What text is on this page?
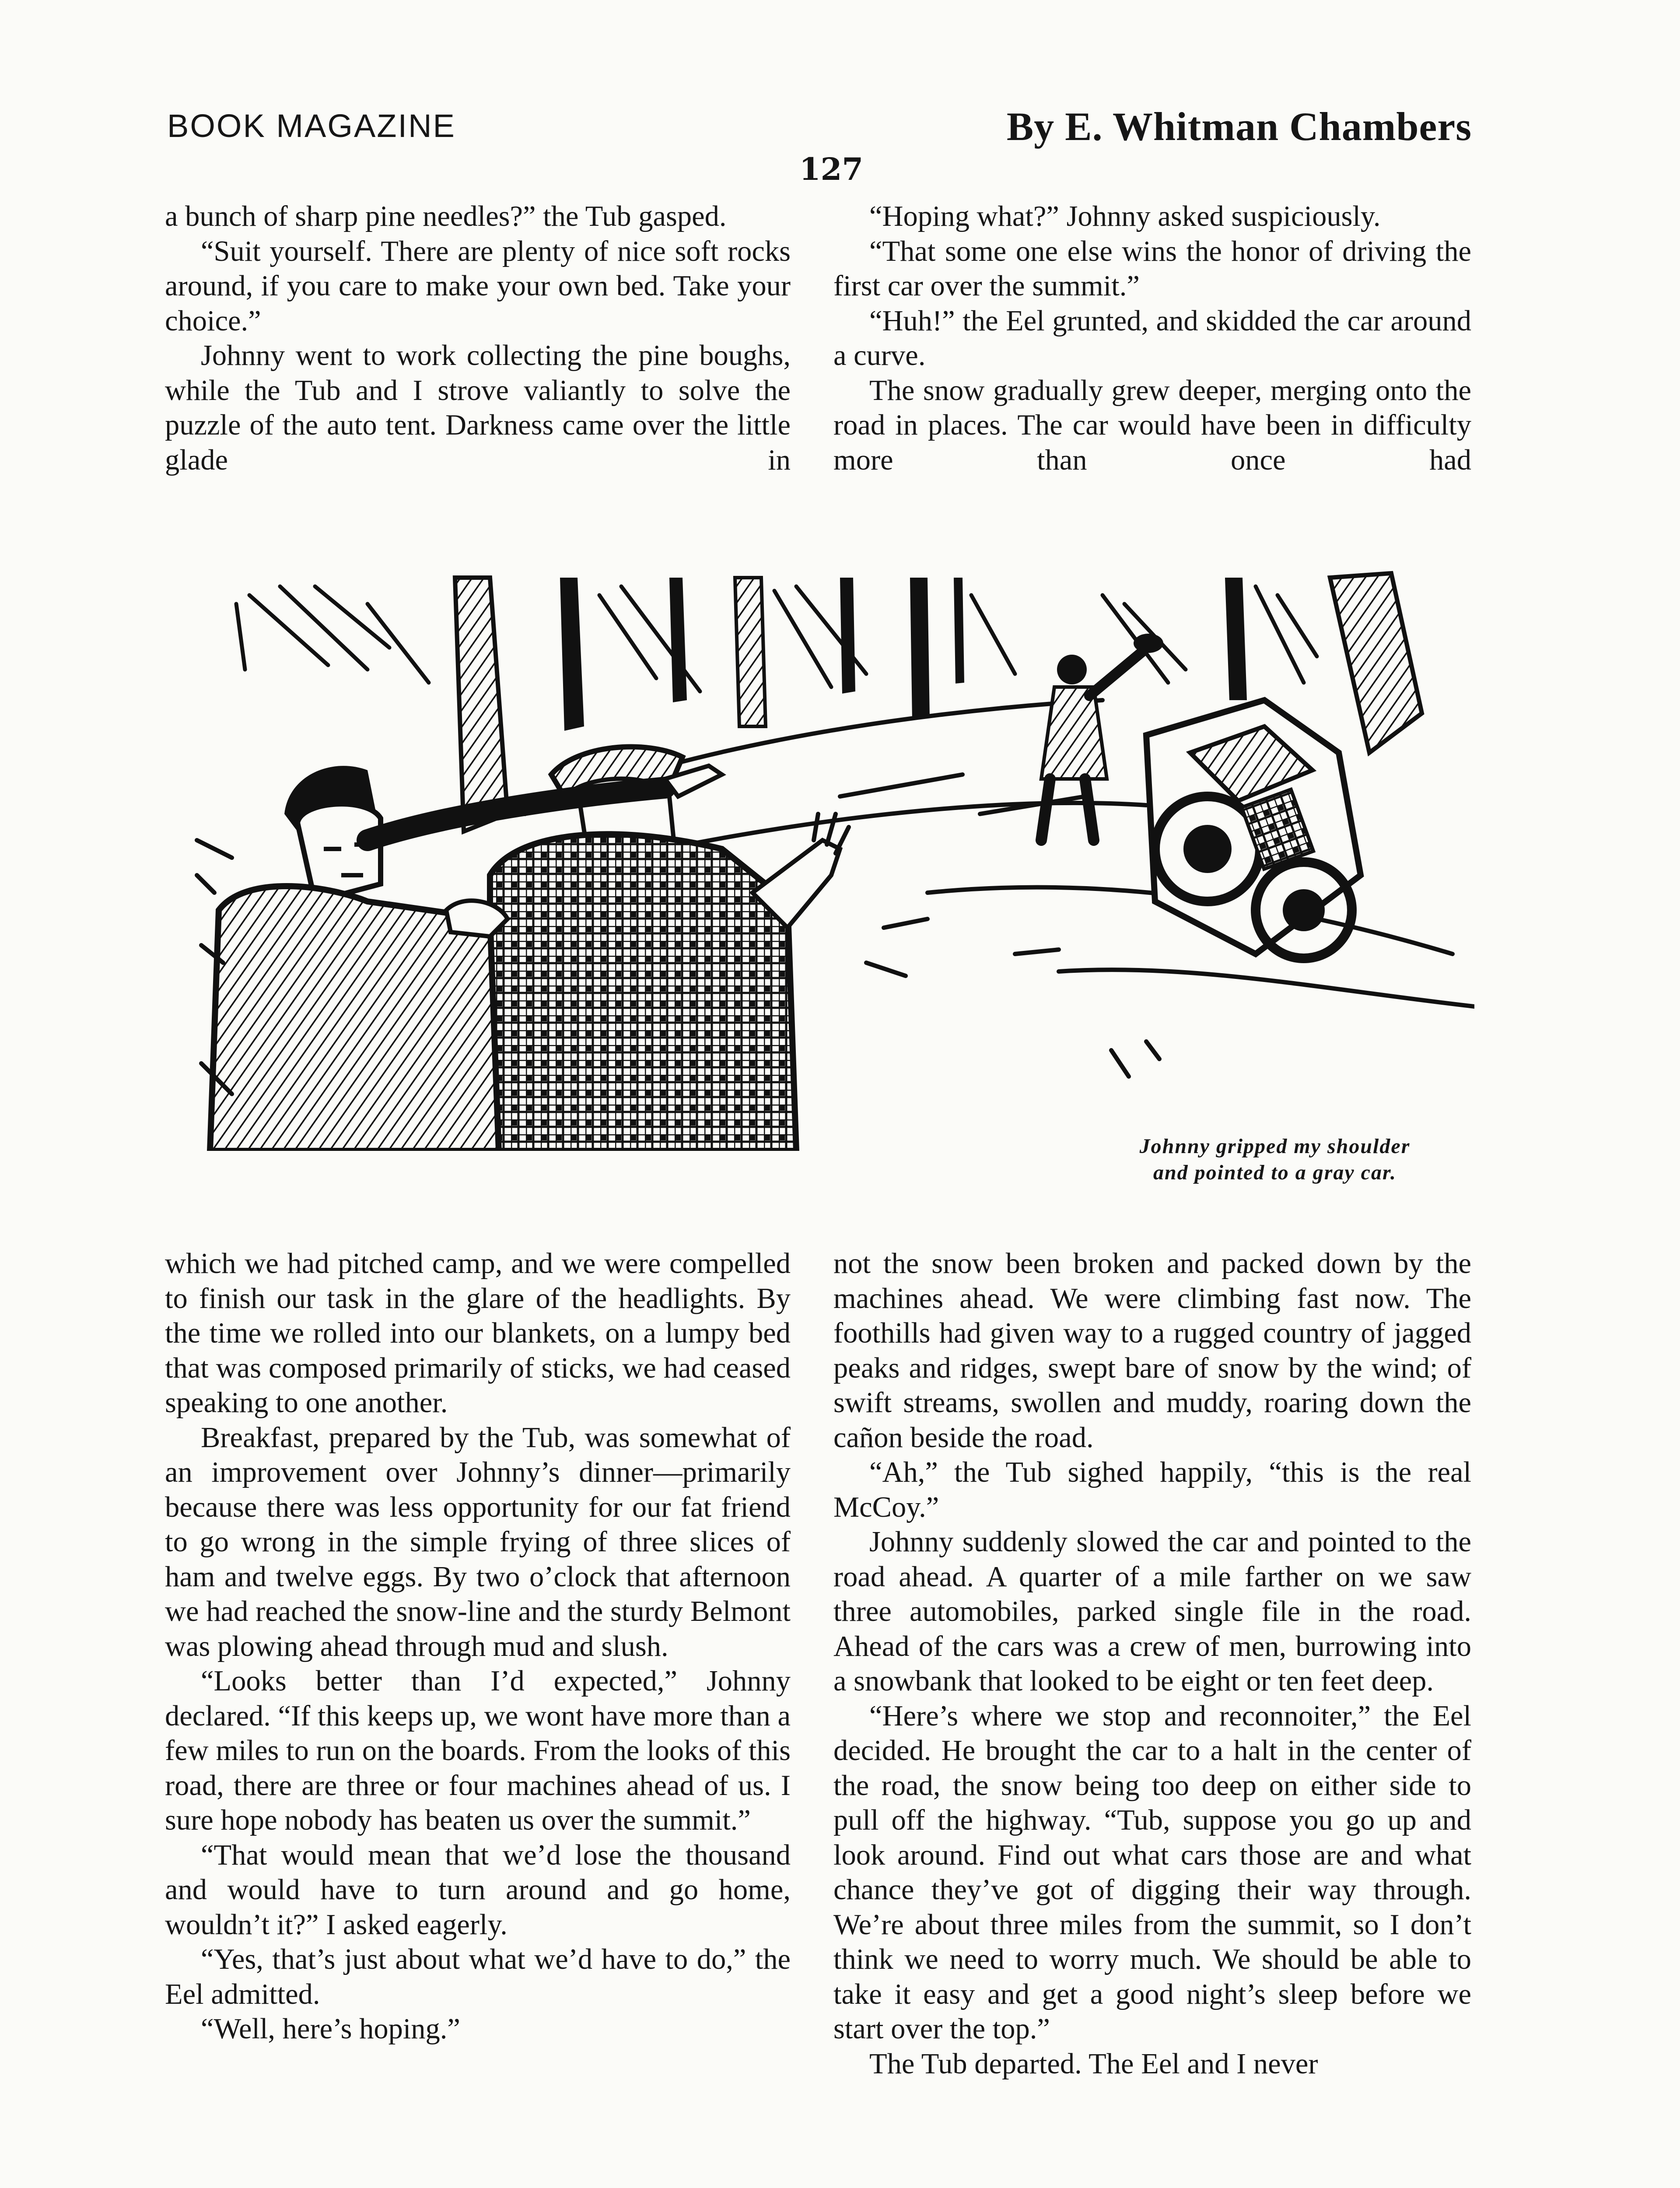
BOOK MAGAZINE	By E. Whitman Chambers
127

a bunch of sharp pine needles?” the Tub gasped.

“Suit yourself. There are plenty of nice soft rocks around, if you care to make your own bed. Take your choice.”

Johnny went to work collecting the pine boughs, while the Tub and I strove valiantly to solve the puzzle of the auto tent. Darkness came over the little glade in

“Hoping what?” Johnny asked suspiciously.

“That some one else wins the honor of driving the first car over the summit.”

“Huh!” the Eel grunted, and skidded the car around a curve.

The snow gradually grew deeper, merging onto the road in places. The car would have been in difficulty more than once had

Johnny gripped my shoulder
and pointed to a gray car.

which we had pitched camp, and we were compelled to finish our task in the glare of the headlights. By the time we rolled into our blankets, on a lumpy bed that was composed primarily of sticks, we had ceased speaking to one another.

Breakfast, prepared by the Tub, was somewhat of an improvement over Johnny’s dinner—primarily because there was less opportunity for our fat friend to go wrong in the simple frying of three slices of ham and twelve eggs. By two o’clock that afternoon we had reached the snow-line and the sturdy Belmont was plowing ahead through mud and slush.

“Looks better than I’d expected,” Johnny declared. “If this keeps up, we wont have more than a few miles to run on the boards. From the looks of this road, there are three or four machines ahead of us. I sure hope nobody has beaten us over the summit.”

“That would mean that we’d lose the thousand and would have to turn around and go home, wouldn’t it?” I asked eagerly.

“Yes, that’s just about what we’d have to do,” the Eel admitted.

“Well, here’s hoping.”

not the snow been broken and packed down by the machines ahead. We were climbing fast now. The foothills had given way to a rugged country of jagged peaks and ridges, swept bare of snow by the wind; of swift streams, swollen and muddy, roaring down the cañon beside the road.

“Ah,” the Tub sighed happily, “this is the real McCoy.”

Johnny suddenly slowed the car and pointed to the road ahead. A quarter of a mile farther on we saw three automobiles, parked single file in the road. Ahead of the cars was a crew of men, burrowing into a snowbank that looked to be eight or ten feet deep.

“Here’s where we stop and reconnoiter,” the Eel decided. He brought the car to a halt in the center of the road, the snow being too deep on either side to pull off the highway. “Tub, suppose you go up and look around. Find out what cars those are and what chance they’ve got of digging their way through. We’re about three miles from the summit, so I don’t think we need to worry much. We should be able to take it easy and get a good night’s sleep before we start over the top.”

The Tub departed. The Eel and I never
